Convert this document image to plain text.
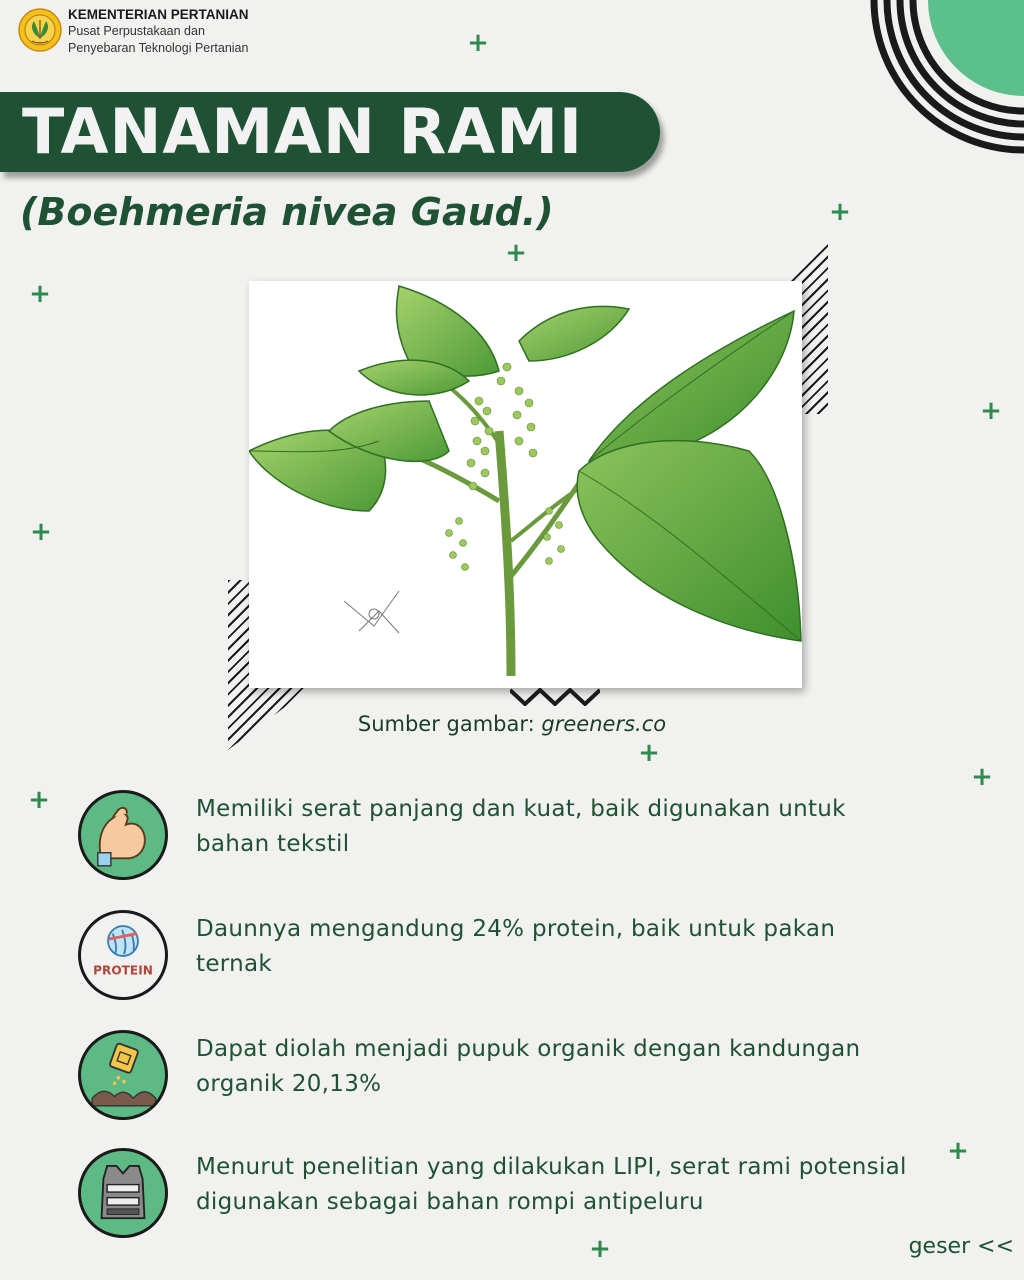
KEMENTERIAN PERTANIAN
Pusat Perpustakaan dan
Penyebaran Teknologi Pertanian
TANAMAN RAMI
(Boehmeria nivea Gaud.)
+
+
+
+
+
+
+
+
+
+
+
Sumber gambar: greeners.co
Memiliki serat panjang dan kuat, baik digunakan untuk bahan tekstil
PROTEIN
Daunnya mengandung 24% protein, baik untuk pakan ternak
Dapat diolah menjadi pupuk organik dengan kandungan organik 20,13%
Menurut penelitian yang dilakukan LIPI, serat rami potensial digunakan sebagai bahan rompi antipeluru
geser <<
